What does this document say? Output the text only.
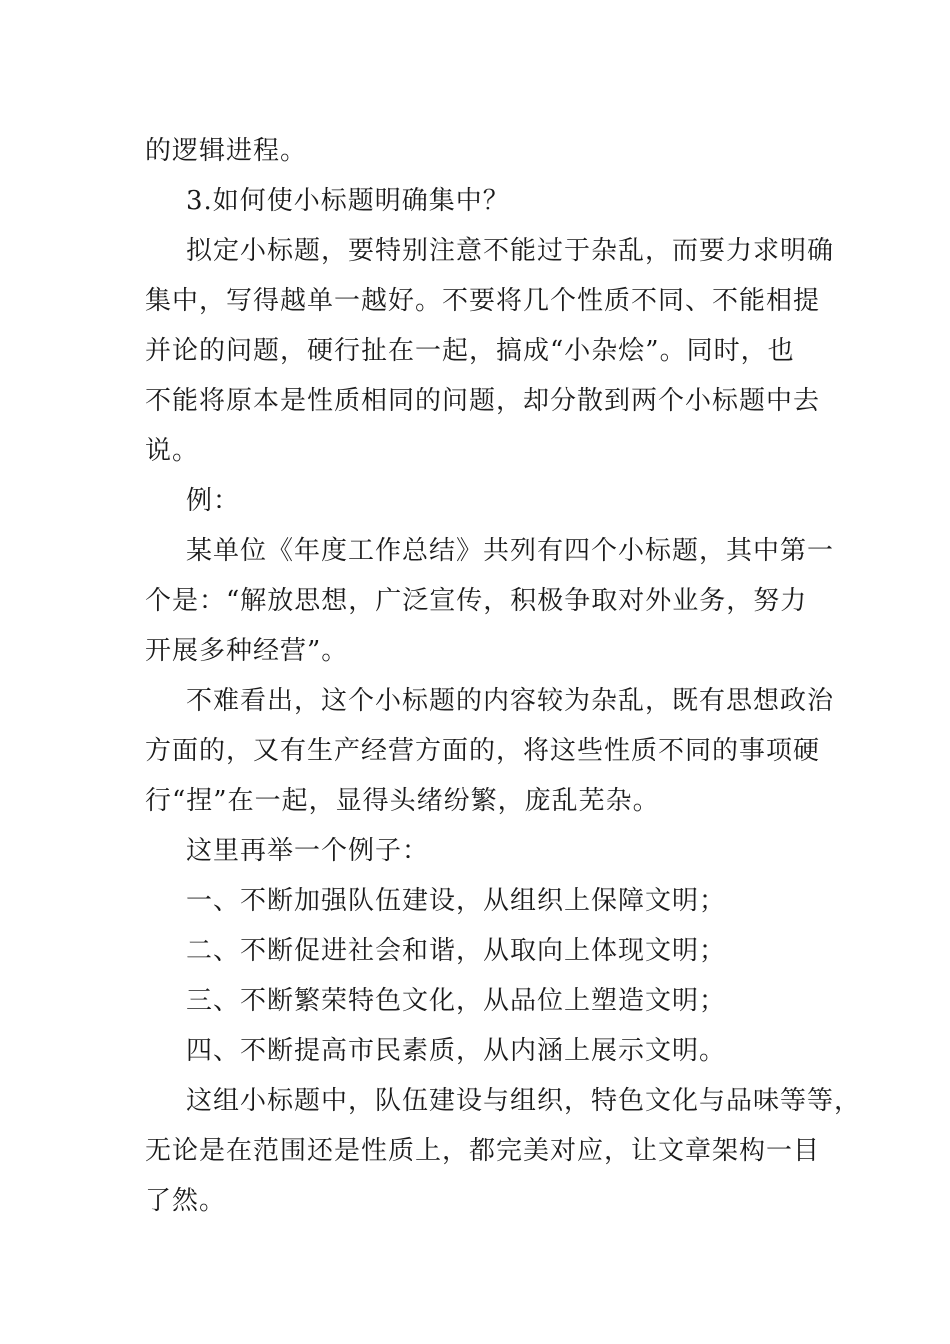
的逻辑进程。

3.如何使小标题明确集中？

拟定小标题，要特别注意不能过于杂乱，而要力求明确

集中，写得越单一越好。不要将几个性质不同、不能相提

并论的问题，硬行扯在一起，搞成“小杂烩”。同时，也

不能将原本是性质相同的问题，却分散到两个小标题中去

说。

例：

某单位《年度工作总结》共列有四个小标题，其中第一

个是：“解放思想，广泛宣传，积极争取对外业务，努力

开展多种经营”。

不难看出，这个小标题的内容较为杂乱，既有思想政治

方面的，又有生产经营方面的，将这些性质不同的事项硬

行“捏”在一起，显得头绪纷繁，庞乱芜杂。

这里再举一个例子：

一、不断加强队伍建设，从组织上保障文明；

二、不断促进社会和谐，从取向上体现文明；

三、不断繁荣特色文化，从品位上塑造文明；

四、不断提高市民素质，从内涵上展示文明。

这组小标题中，队伍建设与组织，特色文化与品味等等，

无论是在范围还是性质上，都完美对应，让文章架构一目

了然。
